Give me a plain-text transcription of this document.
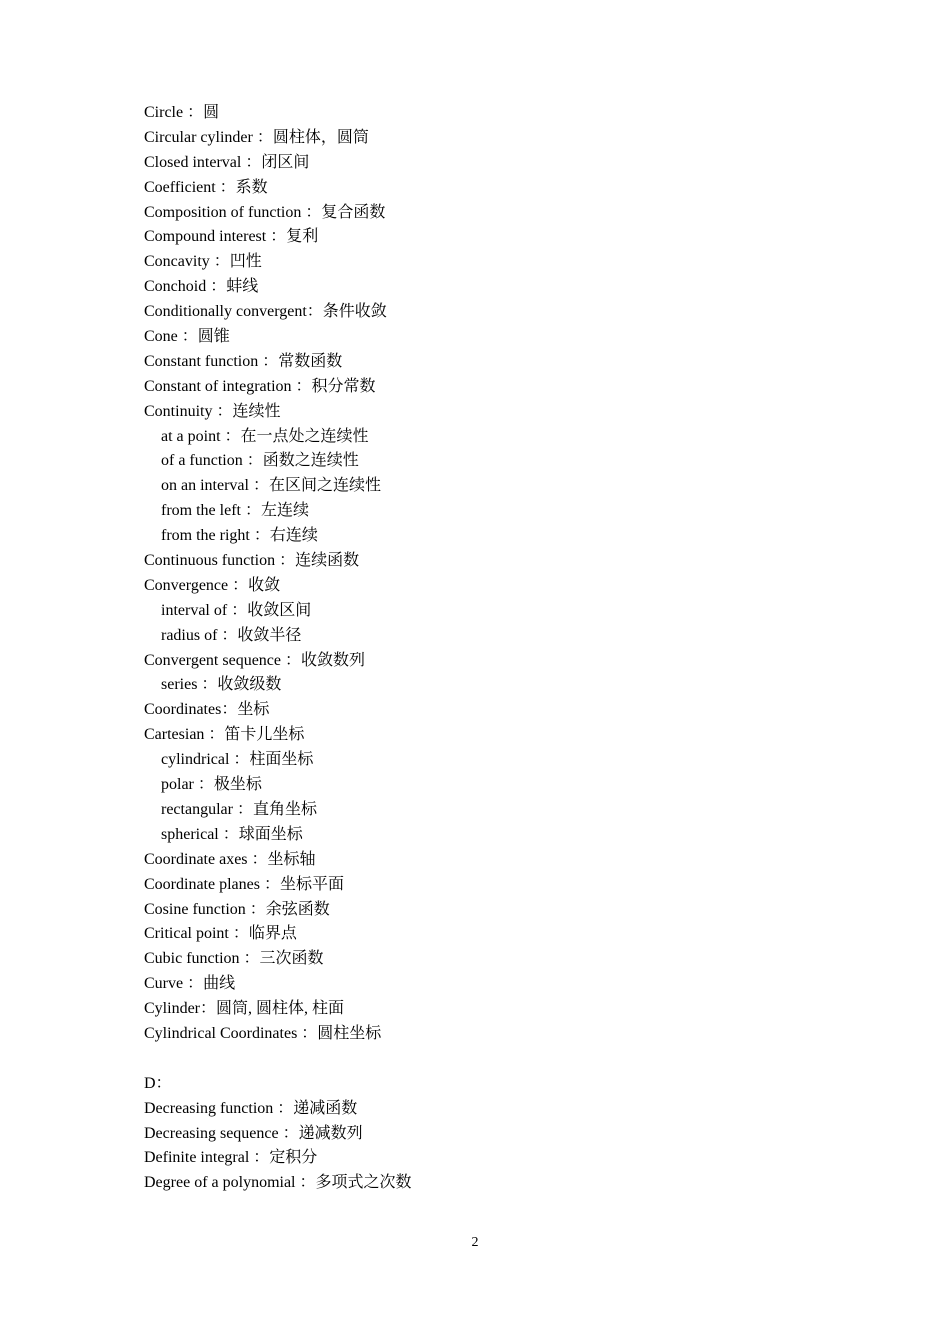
Circle ：圆
Circular cylinder ：圆柱体，圆筒
Closed interval ：闭区间
Coefficient ：系数
Composition of function ：复合函数
Compound interest ：复利
Concavity ：凹性
Conchoid ：蚌线
Conditionally convergent：条件收敛
Cone ：圆锥
Constant function ：常数函数
Constant of integration ：积分常数
Continuity ：连续性
at a point ：在一点处之连续性
of a function ：函数之连续性
on an interval ：在区间之连续性
from the left ：左连续
from the right ：右连续
Continuous function ：连续函数
Convergence ：收敛
interval of ：收敛区间
radius of ：收敛半径
Convergent sequence ：收敛数列
series ：收敛级数
Coordinates：坐标
Cartesian ：笛卡儿坐标
cylindrical ：柱面坐标
polar ：极坐标
rectangular ：直角坐标
spherical ：球面坐标
Coordinate axes ：坐标轴
Coordinate planes ：坐标平面
Cosine function ：余弦函数
Critical point ：临界点
Cubic function ：三次函数
Curve ：曲线
Cylinder：圆筒, 圆柱体, 柱面
Cylindrical Coordinates ：圆柱坐标
D：
Decreasing function ：递减函数
Decreasing sequence ：递减数列
Definite integral ：定积分
Degree of a polynomial ：多项式之次数
2
